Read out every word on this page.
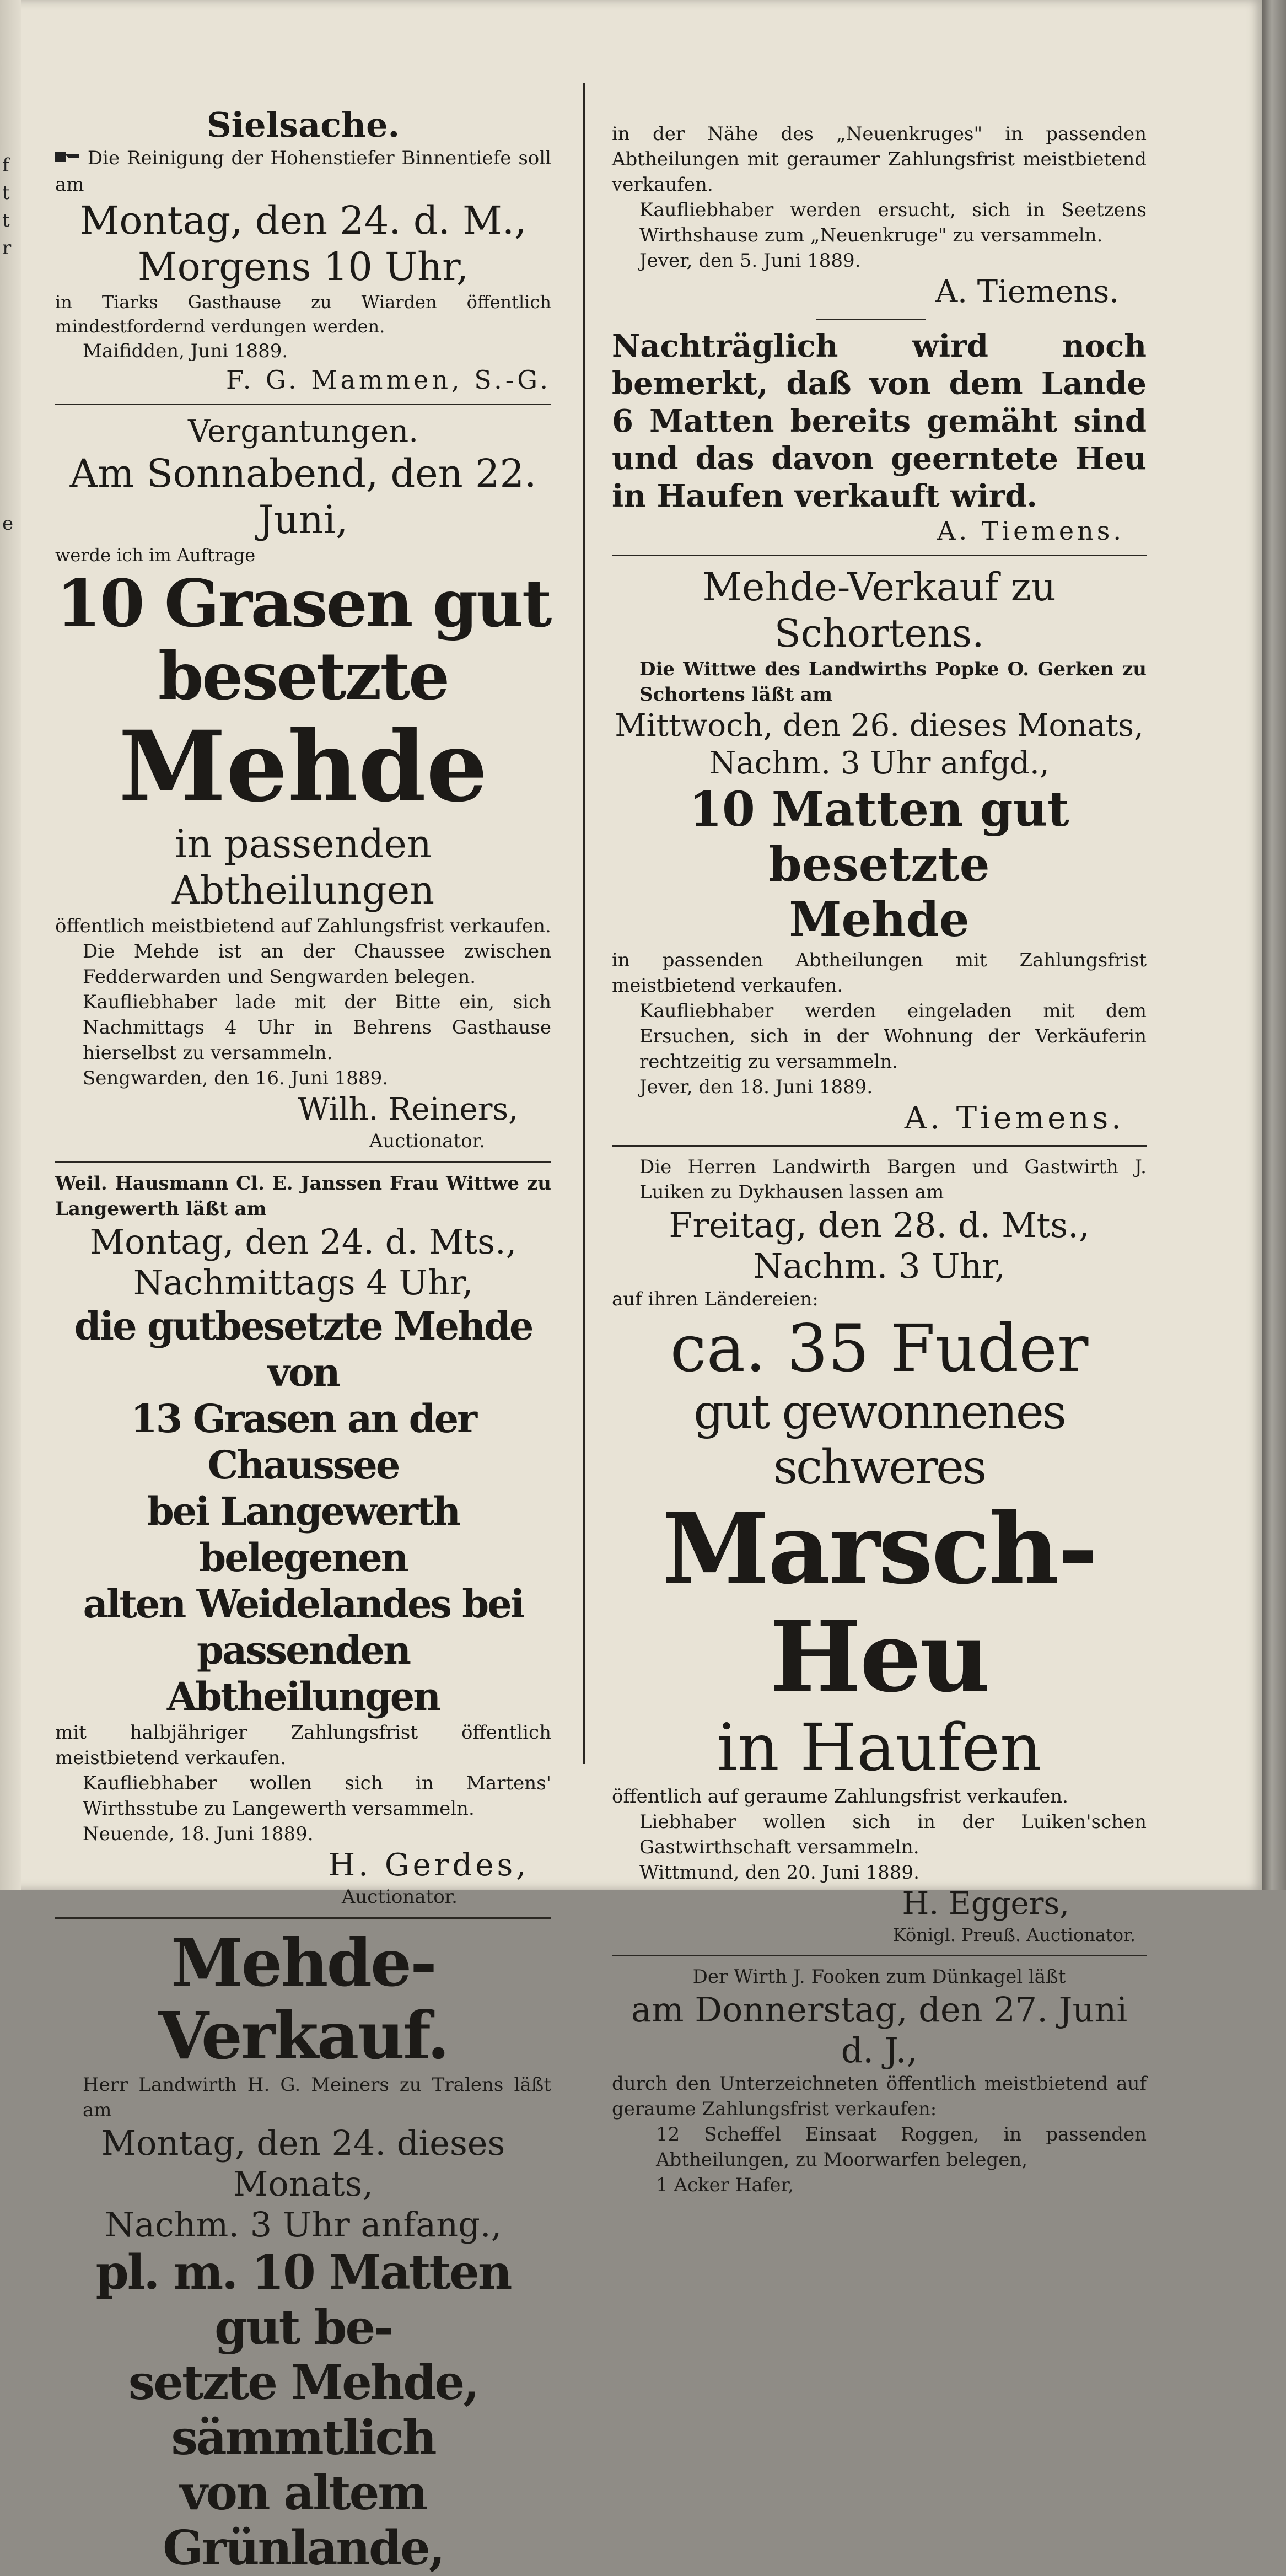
f
t
t
r
e

Sielsache.

Die Reinigung der Hohenstiefer Binnentiefe soll am

Montag, den 24. d. M.,

Morgens 10 Uhr,

in Tiarks Gasthause zu Wiarden öffentlich mindestfordernd verdungen werden.

Maifidden, Juni 1889.

F. G. Mammen, S.-G.

Vergantungen.

Am Sonnabend, den 22. Juni,

werde ich im Auftrage

10 Grasen gut besetzte

Mehde

in passenden Abtheilungen

öffentlich meistbietend auf Zahlungsfrist verkaufen.

Die Mehde ist an der Chaussee zwischen Fedderwarden und Sengwarden belegen.

Kaufliebhaber lade mit der Bitte ein, sich Nachmittags 4 Uhr in Behrens Gasthause hierselbst zu versammeln.

Sengwarden, den 16. Juni 1889.

Wilh. Reiners,

Auctionator.

Weil. Hausmann Cl. E. Janssen Frau Wittwe zu Langewerth läßt am

Montag, den 24. d. Mts.,

Nachmittags 4 Uhr,

die gutbesetzte Mehde von

13 Grasen an der Chaussee

bei Langewerth belegenen

alten Weidelandes bei

passenden Abtheilungen

mit halbjähriger Zahlungsfrist öffentlich meistbietend verkaufen.

Kaufliebhaber wollen sich in Martens' Wirthsstube zu Langewerth versammeln.

Neuende, 18. Juni 1889.

H. Gerdes,

Auctionator.

Mehde-Verkauf.

Herr Landwirth H. G. Meiners zu Tralens läßt am

Montag, den 24. dieses Monats,

Nachm. 3 Uhr anfang.,

pl. m. 10 Matten gut be-

setzte Mehde, sämmtlich

von altem Grünlande,

in der Nähe des „Neuenkruges" in passenden Abtheilungen mit geraumer Zahlungsfrist meistbietend verkaufen.

Kaufliebhaber werden ersucht, sich in Seetzens Wirthshause zum „Neuenkruge" zu versammeln.

Jever, den 5. Juni 1889.

A. Tiemens.

Nachträglich wird noch bemerkt, daß von dem Lande 6 Matten bereits gemäht sind und das davon geerntete Heu in Haufen verkauft wird.

A. Tiemens.

Mehde-Verkauf zu Schortens.

Die Wittwe des Landwirths Popke O. Gerken zu Schortens läßt am

Mittwoch, den 26. dieses Monats,

Nachm. 3 Uhr anfgd.,

10 Matten gut besetzte

Mehde

in passenden Abtheilungen mit Zahlungsfrist meistbietend verkaufen.

Kaufliebhaber werden eingeladen mit dem Ersuchen, sich in der Wohnung der Verkäuferin rechtzeitig zu versammeln.

Jever, den 18. Juni 1889.

A. Tiemens.

Die Herren Landwirth Bargen und Gastwirth J. Luiken zu Dykhausen lassen am

Freitag, den 28. d. Mts.,

Nachm. 3 Uhr,

auf ihren Ländereien:

ca. 35 Fuder

gut gewonnenes schweres

Marsch-Heu

in Haufen

öffentlich auf geraume Zahlungsfrist verkaufen.

Liebhaber wollen sich in der Luiken'schen Gastwirthschaft versammeln.

Wittmund, den 20. Juni 1889.

H. Eggers,

Königl. Preuß. Auctionator.

Der Wirth J. Fooken zum Dünkagel läßt

am Donnerstag, den 27. Juni d. J.,

durch den Unterzeichneten öffentlich meistbietend auf geraume Zahlungsfrist verkaufen:

12 Scheffel Einsaat Roggen, in passenden Abtheilungen, zu Moorwarfen belegen,

1 Acker Hafer,
